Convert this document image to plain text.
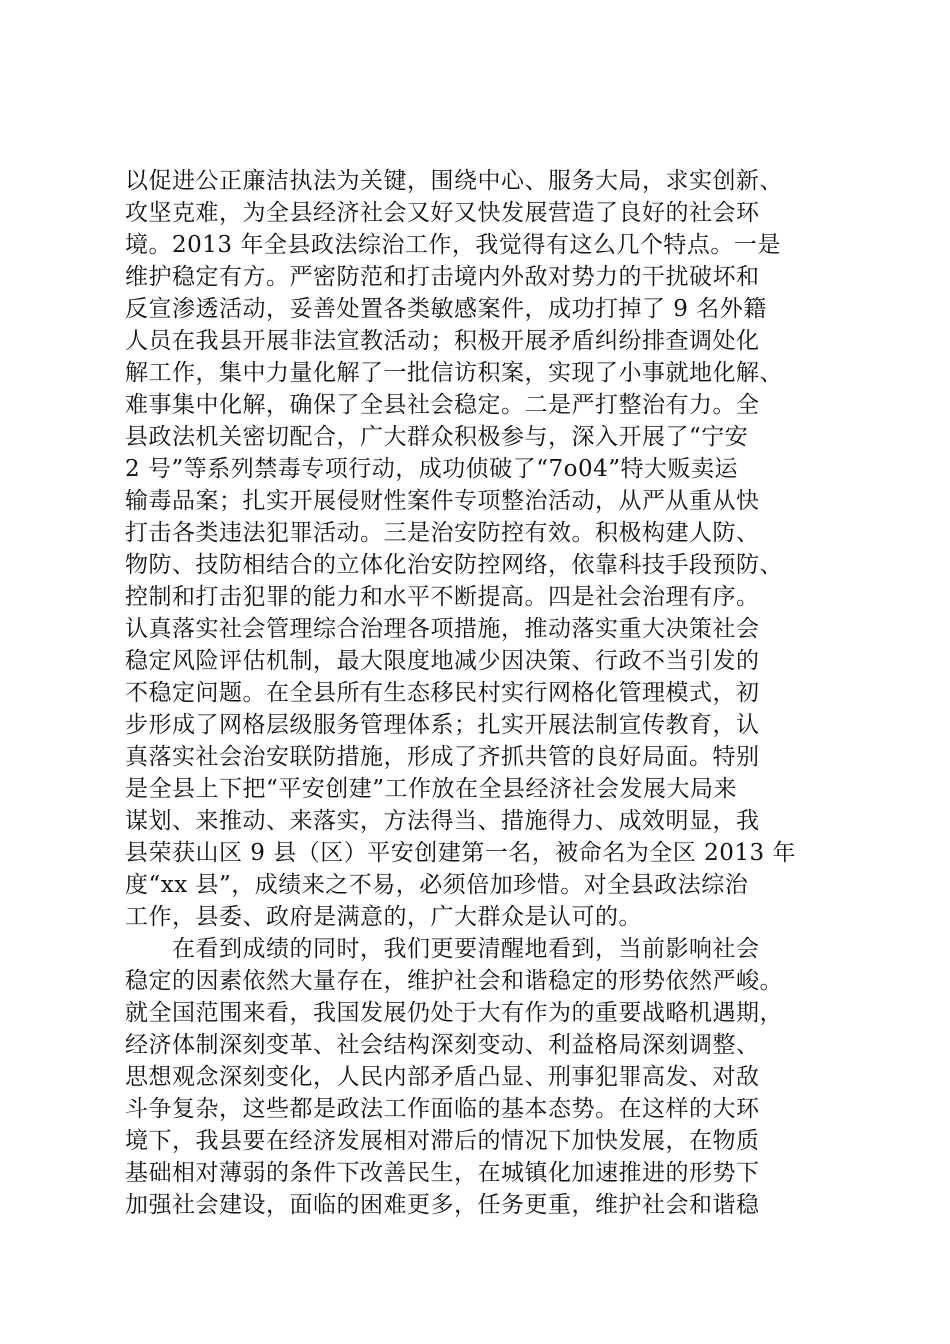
以促进公正廉洁执法为关键，围绕中心、服务大局，求实创新、
攻坚克难，为全县经济社会又好又快发展营造了良好的社会环
境。2013 年全县政法综治工作，我觉得有这么几个特点。一是
维护稳定有方。严密防范和打击境内外敌对势力的干扰破坏和
反宣渗透活动，妥善处置各类敏感案件，成功打掉了 9 名外籍
人员在我县开展非法宣教活动；积极开展矛盾纠纷排查调处化
解工作，集中力量化解了一批信访积案，实现了小事就地化解、
难事集中化解，确保了全县社会稳定。二是严打整治有力。全
县政法机关密切配合，广大群众积极参与，深入开展了“宁安
2 号”等系列禁毒专项行动，成功侦破了“7o04”特大贩卖运
输毒品案；扎实开展侵财性案件专项整治活动，从严从重从快
打击各类违法犯罪活动。三是治安防控有效。积极构建人防、
物防、技防相结合的立体化治安防控网络，依靠科技手段预防、
控制和打击犯罪的能力和水平不断提高。四是社会治理有序。
认真落实社会管理综合治理各项措施，推动落实重大决策社会
稳定风险评估机制，最大限度地减少因决策、行政不当引发的
不稳定问题。在全县所有生态移民村实行网格化管理模式，初
步形成了网格层级服务管理体系；扎实开展法制宣传教育，认
真落实社会治安联防措施，形成了齐抓共管的良好局面。特别
是全县上下把“平安创建”工作放在全县经济社会发展大局来
谋划、来推动、来落实，方法得当、措施得力、成效明显，我
县荣获山区 9 县（区）平安创建第一名，被命名为全区 2013 年
度“xx 县”，成绩来之不易，必须倍加珍惜。对全县政法综治
工作，县委、政府是满意的，广大群众是认可的。
　　在看到成绩的同时，我们更要清醒地看到，当前影响社会
稳定的因素依然大量存在，维护社会和谐稳定的形势依然严峻。
就全国范围来看，我国发展仍处于大有作为的重要战略机遇期，
经济体制深刻变革、社会结构深刻变动、利益格局深刻调整、
思想观念深刻变化，人民内部矛盾凸显、刑事犯罪高发、对敌
斗争复杂，这些都是政法工作面临的基本态势。在这样的大环
境下，我县要在经济发展相对滞后的情况下加快发展，在物质
基础相对薄弱的条件下改善民生，在城镇化加速推进的形势下
加强社会建设，面临的困难更多，任务更重，维护社会和谐稳
